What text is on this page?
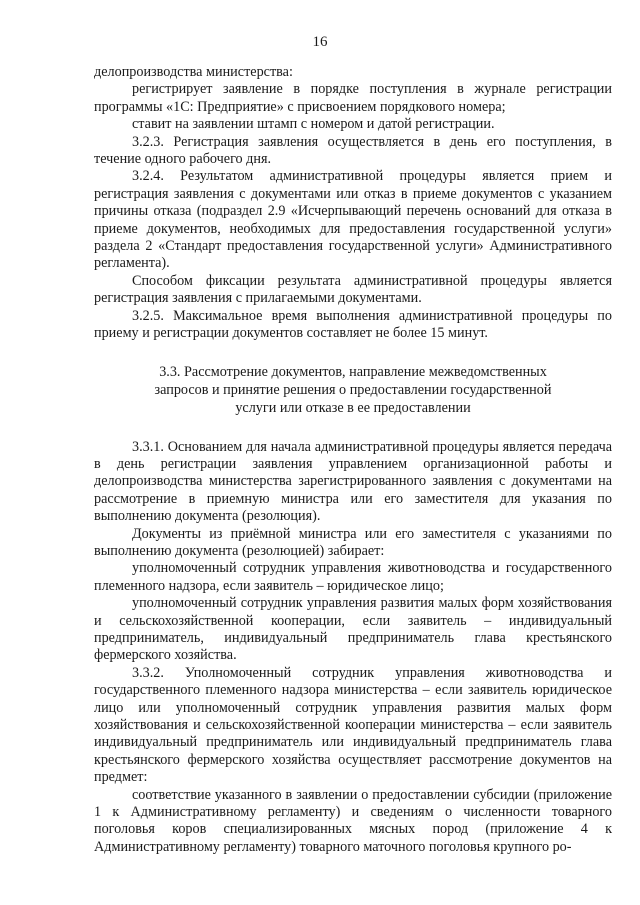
16

делопроизводства министерства:

регистрирует заявление в порядке поступления в журнале регистрации программы «1С: Предприятие» с присвоением порядкового номера;

ставит на заявлении штамп с номером и датой регистрации.

3.2.3. Регистрация заявления осуществляется в день его поступления, в течение одного рабочего дня.

3.2.4. Результатом административной процедуры является прием и регистрация заявления с документами или отказ в приеме документов с указанием причины отказа (подраздел 2.9 «Исчерпывающий перечень оснований для отказа в приеме документов, необходимых для предоставления государственной услуги» раздела 2 «Стандарт предоставления государственной услуги» Административного регламента).

Способом фиксации результата административной процедуры является регистрация заявления с прилагаемыми документами.

3.2.5. Максимальное время выполнения административной процедуры по приему и регистрации документов составляет не более 15 минут.

3.3. Рассмотрение документов, направление межведомственных
запросов и принятие решения о предоставлении государственной
услуги или отказе в ее предоставлении

3.3.1. Основанием для начала административной процедуры является передача в день регистрации заявления управлением организационной работы и делопроизводства министерства зарегистрированного заявления с документами на рассмотрение в приемную министра или его заместителя для указания по выполнению документа (резолюция).

Документы из приёмной министра или его заместителя с указаниями по выполнению документа (резолюцией) забирает:

уполномоченный сотрудник управления животноводства и государственного племенного надзора, если заявитель – юридическое лицо;

уполномоченный сотрудник управления развития малых форм хозяйствования и сельскохозяйственной кооперации, если заявитель – индивидуальный предприниматель, индивидуальный предприниматель глава крестьянского фермерского хозяйства.

3.3.2. Уполномоченный сотрудник управления животноводства и государственного племенного надзора министерства – если заявитель юридическое лицо или уполномоченный сотрудник управления развития малых форм хозяйствования и сельскохозяйственной кооперации министерства – если заявитель индивидуальный предприниматель или индивидуальный предприниматель глава крестьянского фермерского хозяйства осуществляет рассмотрение документов на предмет:

соответствие указанного в заявлении о предоставлении субсидии (приложение 1 к Административному регламенту) и сведениям о численности товарного поголовья коров специализированных мясных пород (приложение 4 к Административному регламенту) товарного маточного поголовья крупного ро-
